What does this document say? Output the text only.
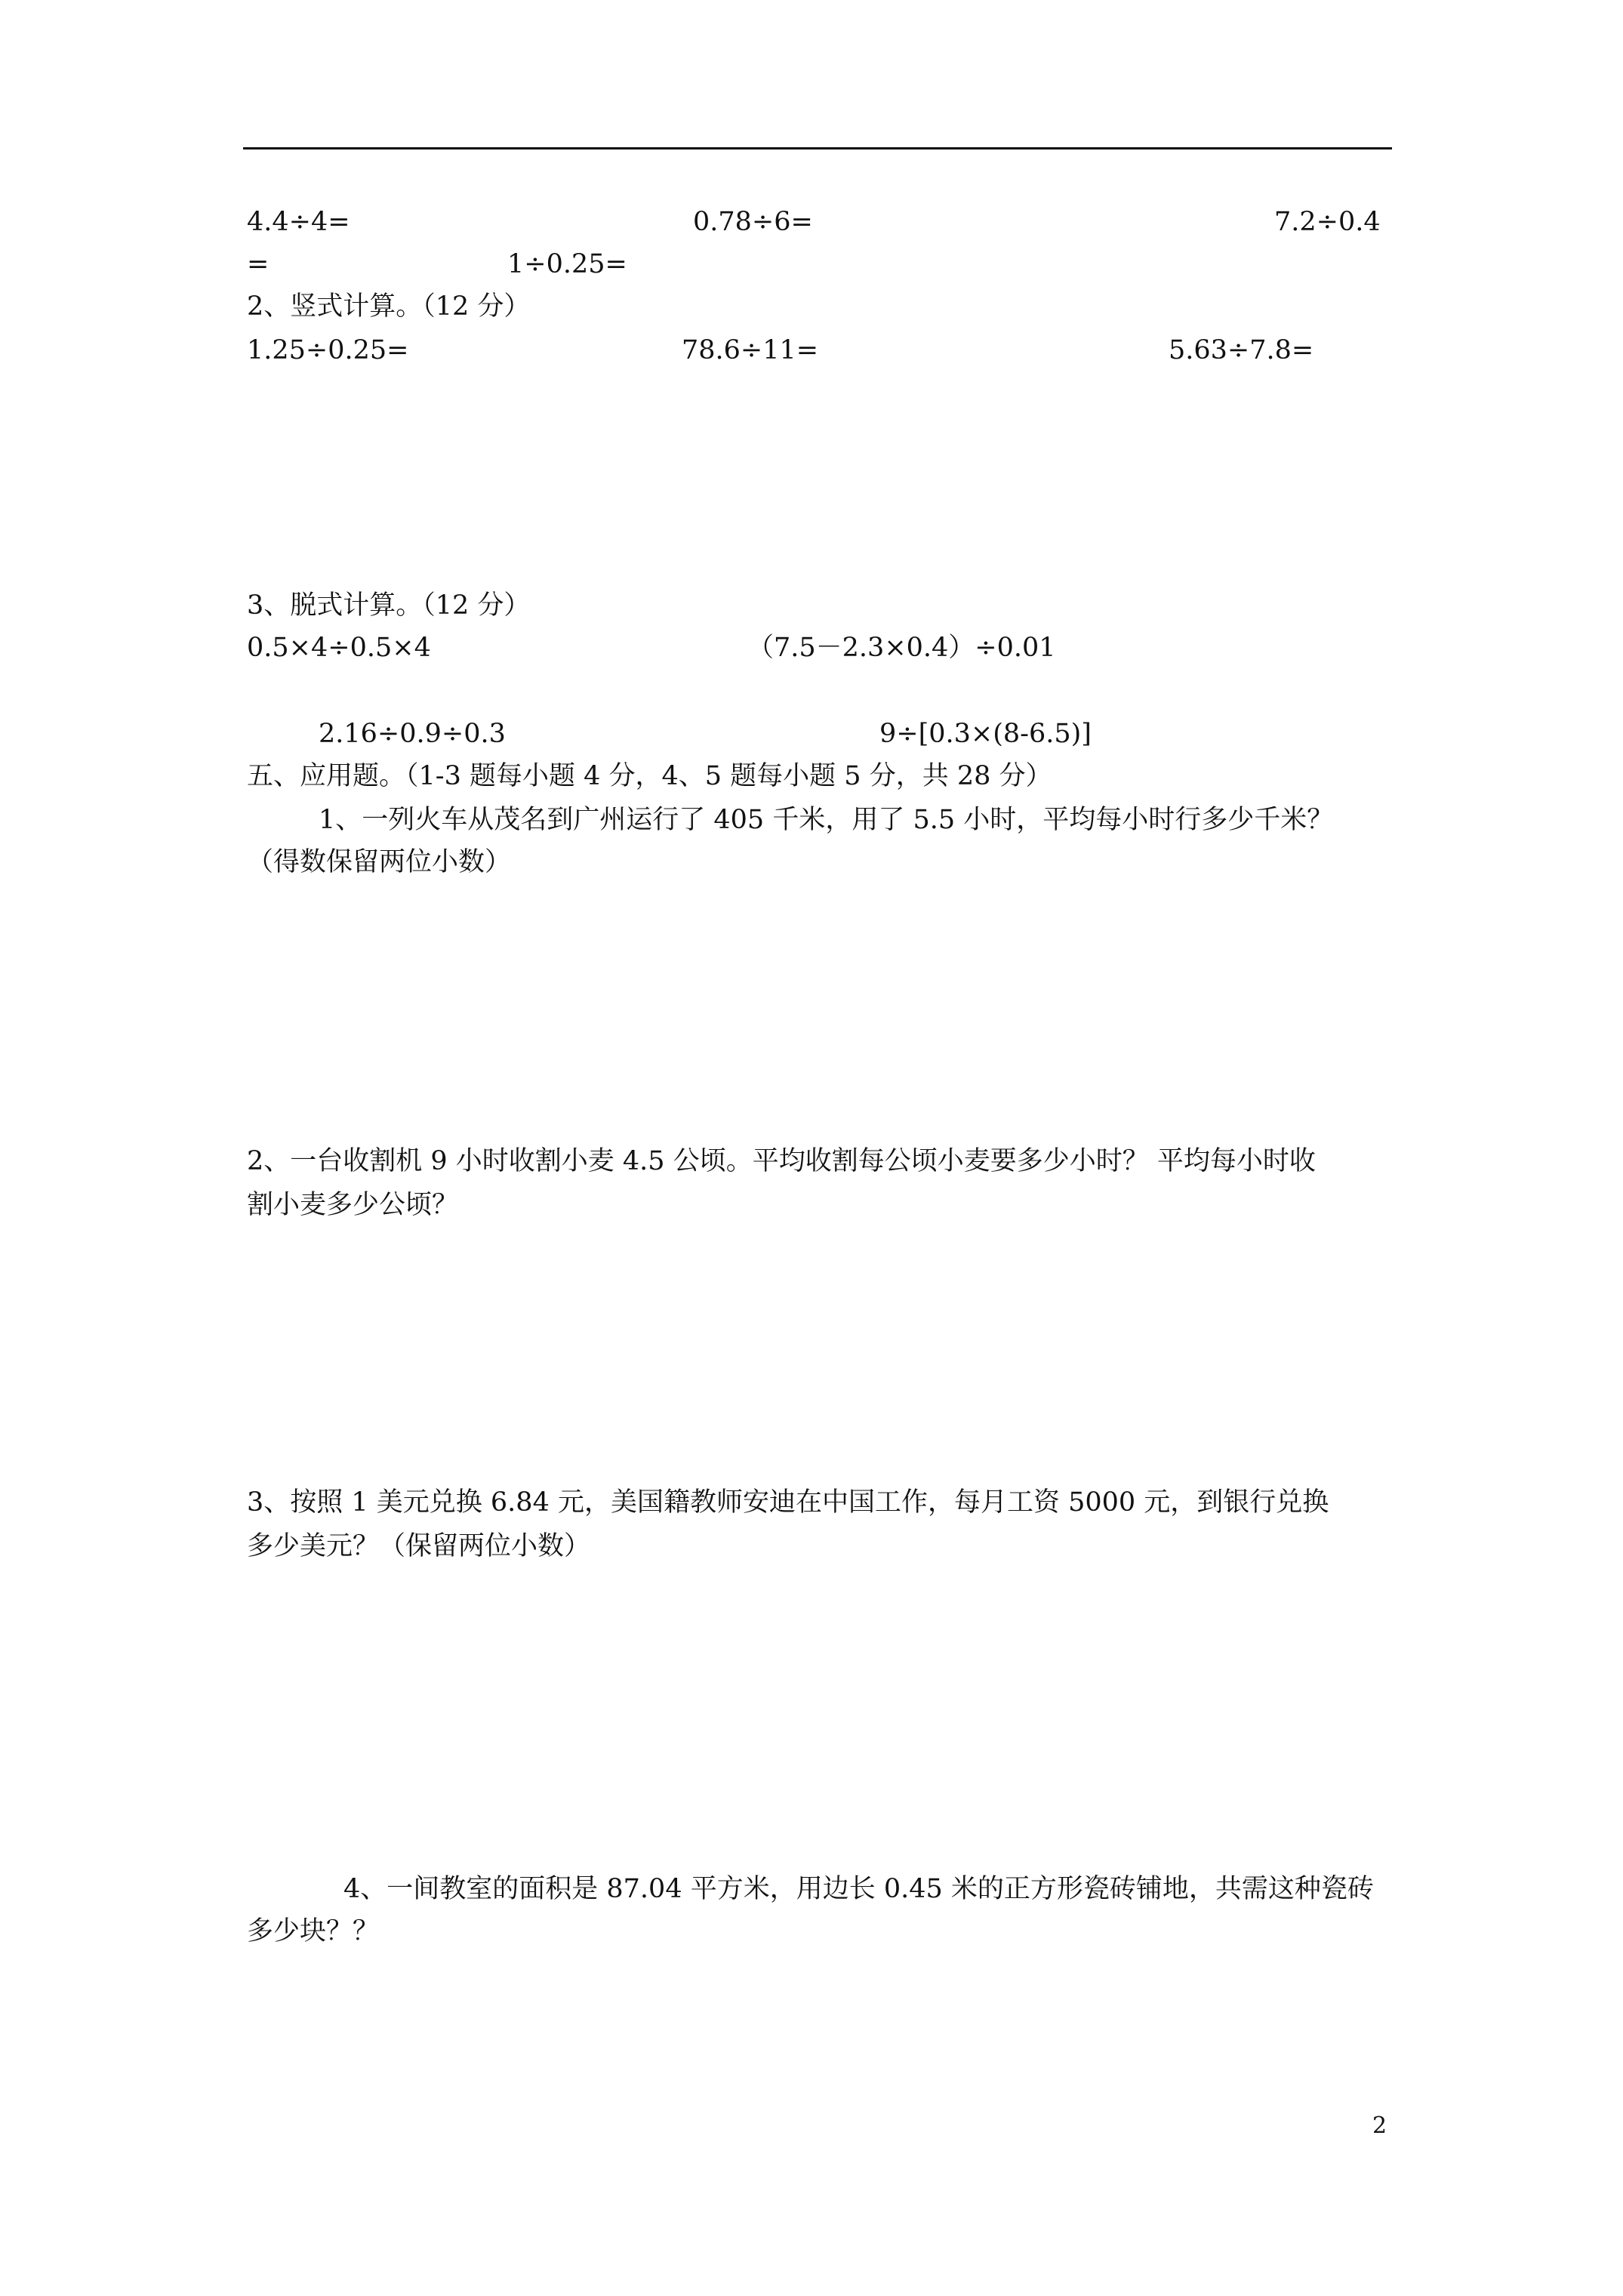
4.4÷4=	0.78÷6=	7.2÷0.4
=	1÷0.25=
2、竖式计算。（12 分）
1.25÷0.25=	78.6÷11=	5.63÷7.8=
3、脱式计算。（12 分）
0.5×4÷0.5×4	（7.5－2.3×0.4）÷0.01
2.16÷0.9÷0.3	9÷[0.3×(8-6.5)]
五、应用题。（1-3 题每小题 4 分，4、5 题每小题 5 分，共 28 分）
1、一列火车从茂名到广州运行了 405 千米，用了 5.5 小时，平均每小时行多少千米？
（得数保留两位小数）
2、一台收割机 9 小时收割小麦 4.5 公顷。平均收割每公顷小麦要多少小时？ 平均每小时收
割小麦多少公顷？
3、按照 1 美元兑换 6.84 元，美国籍教师安迪在中国工作，每月工资 5000 元，到银行兑换
多少美元？（保留两位小数）
4、一间教室的面积是 87.04 平方米，用边长 0.45 米的正方形瓷砖铺地，共需这种瓷砖
多少块？？
2
